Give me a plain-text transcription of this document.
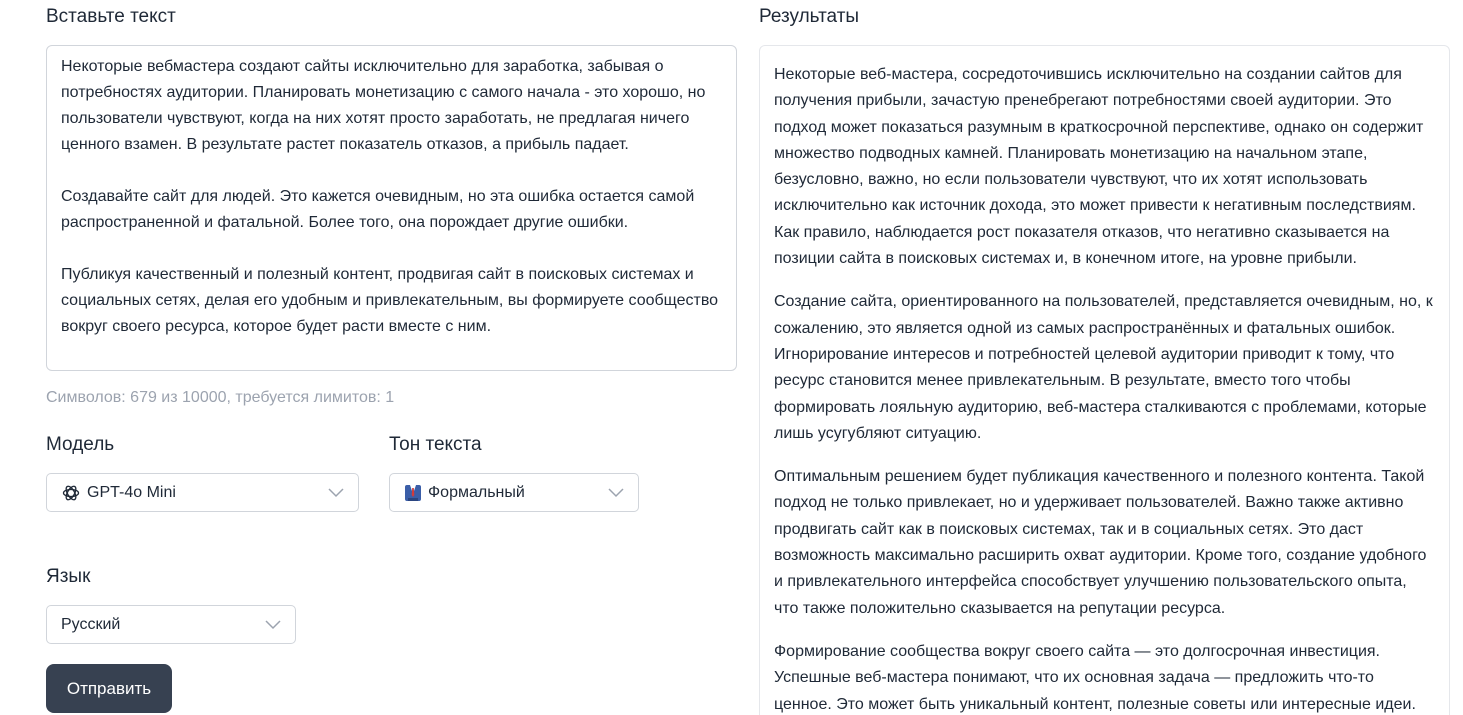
Вставьте текст

Некоторые вебмастера создают сайты исключительно для заработка, забывая о потребностях аудитории. Планировать монетизацию с самого начала - это хорошо, но пользователи чувствуют, когда на них хотят просто заработать, не предлагая ничего ценного взамен. В результате растет показатель отказов, а прибыль падает.

Создавайте сайт для людей. Это кажется очевидным, но эта ошибка остается самой распространенной и фатальной. Более того, она порождает другие ошибки.

Публикуя качественный и полезный контент, продвигая сайт в поисковых системах и социальных сетях, делая его удобным и привлекательным, вы формируете сообщество вокруг своего ресурса, которое будет расти вместе с ним.

Символов: 679 из 10000, требуется лимитов: 1
Модель
GPT-4o Mini
Тон текста
Формальный
Язык
Русский
Отправить
Результаты

Некоторые веб-мастера, сосредоточившись исключительно на создании сайтов для получения прибыли, зачастую пренебрегают потребностями своей аудитории. Это подход может показаться разумным в краткосрочной перспективе, однако он содержит множество подводных камней. Планировать монетизацию на начальном этапе, безусловно, важно, но если пользователи чувствуют, что их хотят использовать исключительно как источник дохода, это может привести к негативным последствиям. Как правило, наблюдается рост показателя отказов, что негативно сказывается на позиции сайта в поисковых системах и, в конечном итоге, на уровне прибыли.

Создание сайта, ориентированного на пользователей, представляется очевидным, но, к сожалению, это является одной из самых распространённых и фатальных ошибок. Игнорирование интересов и потребностей целевой аудитории приводит к тому, что ресурс становится менее привлекательным. В результате, вместо того чтобы формировать лояльную аудиторию, веб-мастера сталкиваются с проблемами, которые лишь усугубляют ситуацию.

Оптимальным решением будет публикация качественного и полезного контента. Такой подход не только привлекает, но и удерживает пользователей. Важно также активно продвигать сайт как в поисковых системах, так и в социальных сетях. Это даст возможность максимально расширить охват аудитории. Кроме того, создание удобного и привлекательного интерфейса способствует улучшению пользовательского опыта, что также положительно сказывается на репутации ресурса.

Формирование сообщества вокруг своего сайта — это долгосрочная инвестиция. Успешные веб-мастера понимают, что их основная задача — предложить что-то ценное. Это может быть уникальный контент, полезные советы или интересные идеи.
